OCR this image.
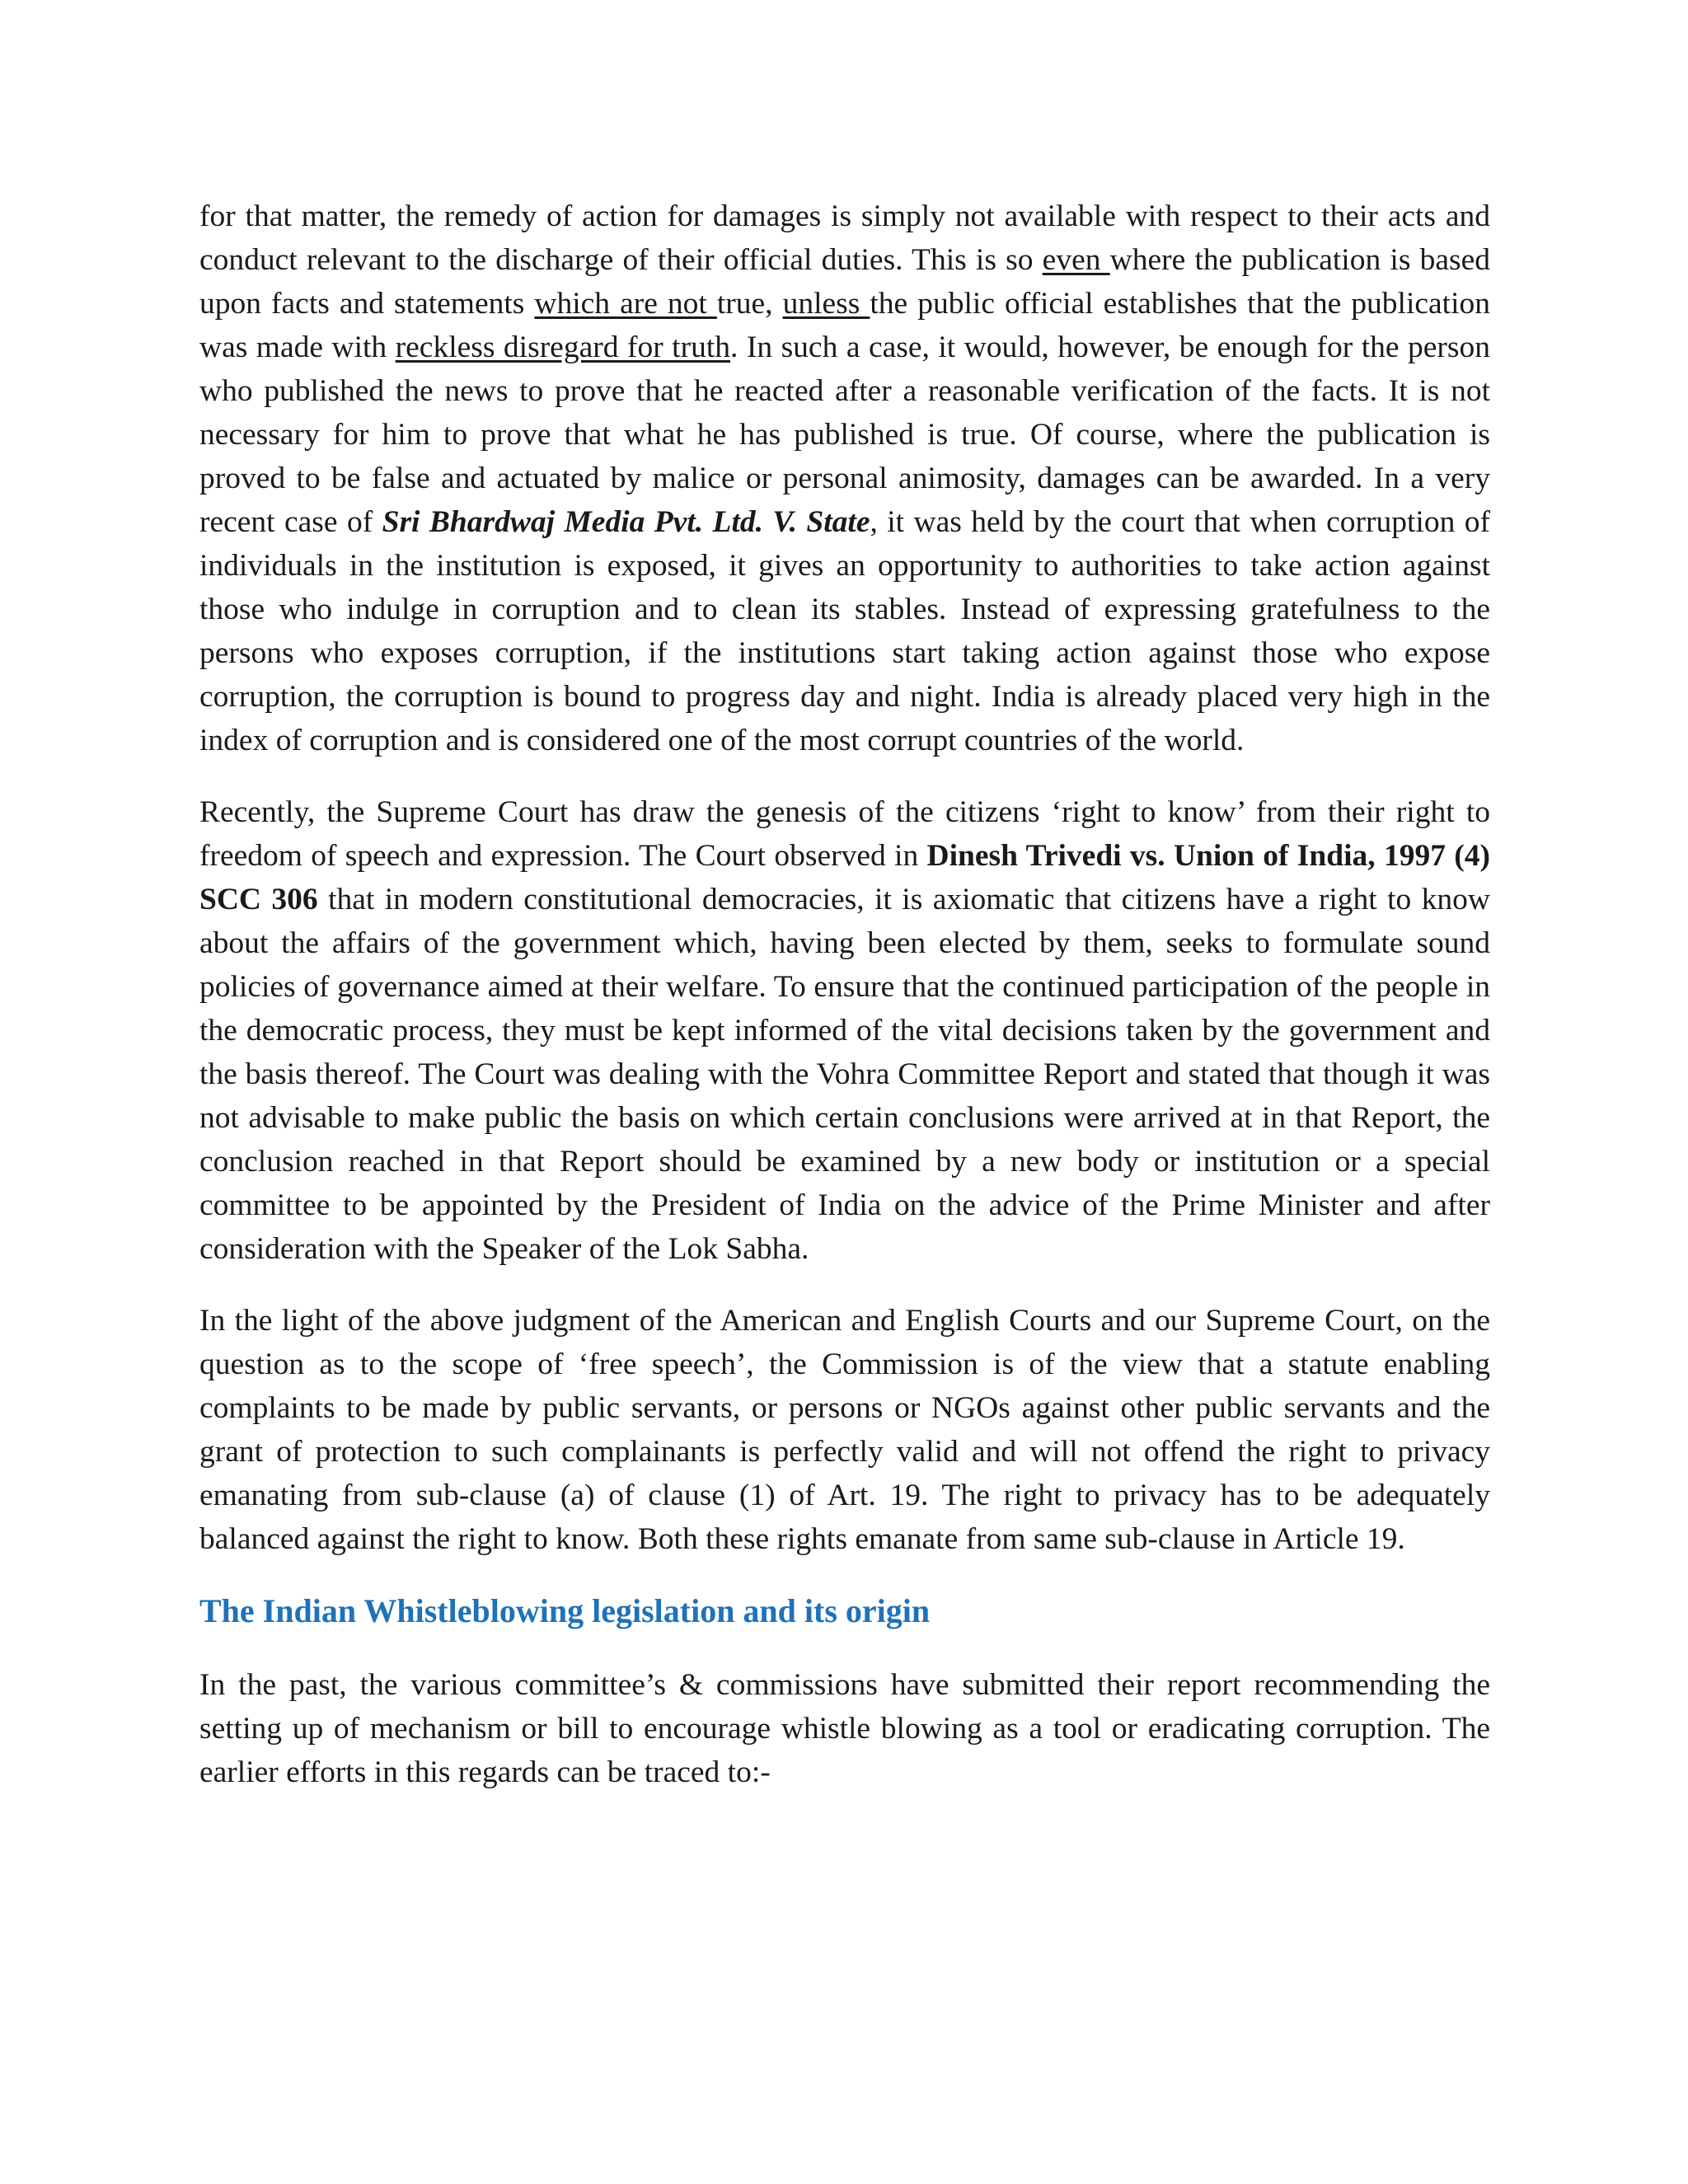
for that matter, the remedy of action for damages is simply not available with respect to their acts and conduct relevant to the discharge of their official duties. This is so even where the publication is based upon facts and statements which are not true, unless the public official establishes that the publication was made with reckless disregard for truth. In such a case, it would, however, be enough for the person who published the news to prove that he reacted after a reasonable verification of the facts. It is not necessary for him to prove that what he has published is true. Of course, where the publication is proved to be false and actuated by malice or personal animosity, damages can be awarded. In a very recent case of Sri Bhardwaj Media Pvt. Ltd. V. State, it was held by the court that when corruption of individuals in the institution is exposed, it gives an opportunity to authorities to take action against those who indulge in corruption and to clean its stables. Instead of expressing gratefulness to the persons who exposes corruption, if the institutions start taking action against those who expose corruption, the corruption is bound to progress day and night. India is already placed very high in the index of corruption and is considered one of the most corrupt countries of the world.

Recently, the Supreme Court has draw the genesis of the citizens ‘right to know’ from their right to freedom of speech and expression. The Court observed in Dinesh Trivedi vs. Union of India, 1997 (4) SCC 306 that in modern constitutional democracies, it is axiomatic that citizens have a right to know about the affairs of the government which, having been elected by them, seeks to formulate sound policies of governance aimed at their welfare. To ensure that the continued participation of the people in the democratic process, they must be kept informed of the vital decisions taken by the government and the basis thereof. The Court was dealing with the Vohra Committee Report and stated that though it was not advisable to make public the basis on which certain conclusions were arrived at in that Report, the conclusion reached in that Report should be examined by a new body or institution or a special committee to be appointed by the President of India on the advice of the Prime Minister and after consideration with the Speaker of the Lok Sabha.

In the light of the above judgment of the American and English Courts and our Supreme Court, on the question as to the scope of ‘free speech’, the Commission is of the view that a statute enabling complaints to be made by public servants, or persons or NGOs against other public servants and the grant of protection to such complainants is perfectly valid and will not offend the right to privacy emanating from sub-clause (a) of clause (1) of Art. 19. The right to privacy has to be adequately balanced against the right to know. Both these rights emanate from same sub-clause in Article 19.

The Indian Whistleblowing legislation and its origin

In the past, the various committee’s & commissions have submitted their report recommending the setting up of mechanism or bill to encourage whistle blowing as a tool or eradicating corruption. The earlier efforts in this regards can be traced to:-
